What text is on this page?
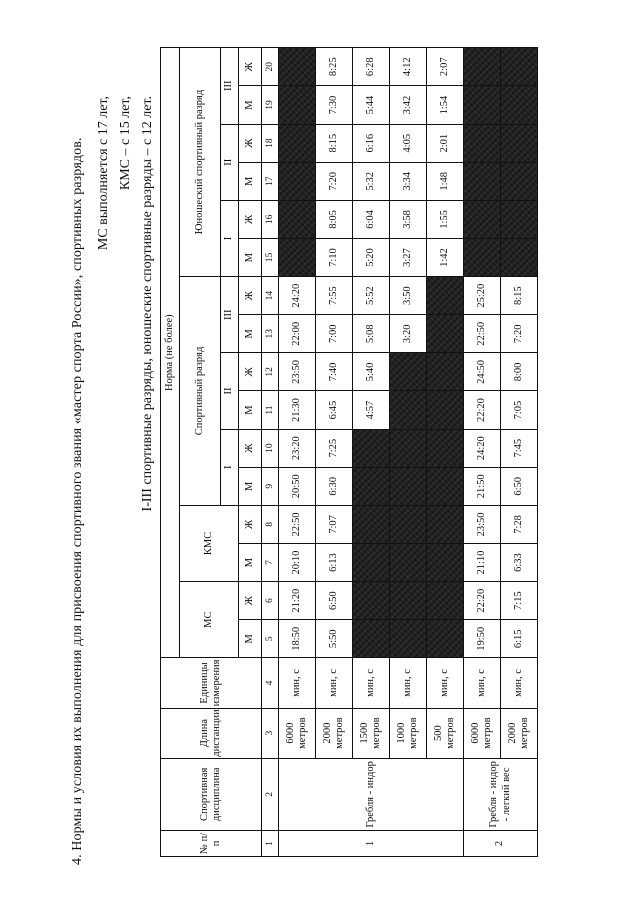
4. Нормы и условия их выполнения для присвоения спортивного звания «мастер спорта России», спортивных разрядов. МС выполняется с 17 лет, КМС – с 15 лет, I-III спортивные разряды, юношеские спортивные разряды – с 12 лет.
№ п/п	Спортивная дисциплина	Длина дистанции	Единицы измерения	Норма (не более)															
				МС		КМС		Спортивный разряд						Юношеский спортивный разряд					
								I		II		III		I		II		III	
				М	Ж	М	Ж	М	Ж	М	Ж	М	Ж	М	Ж	М	Ж	М	Ж
1	2	3	4	5	6	7	8	9	10	11	12	13	14	15	16	17	18	19	20
1	Гребля - индор	6000 метров	мин, с	18:50	21:20	20:10	22:50	20:50	23:20	21:30	23:50	22:00	24:20						
		2000 метров	мин, с	5:50	6:50	6:13	7:07	6:30	7:25	6:45	7:40	7:00	7:55	7:10	8:05	7:20	8:15	7:30	8:25
		1500 метров	мин, с							4:57	5:40	5:08	5:52	5:20	6:04	5:32	6:16	5:44	6:28
		1000 метров	мин, с									3:20	3:50	3:27	3:58	3:34	4:05	3:42	4:12
		500 метров	мин, с											1:42	1:55	1:48	2:01	1:54	2:07
2	Гребля - индор - легкий вес	6000 метров	мин, с	19:50	22:20	21:10	23:50	21:50	24:20	22:20	24:50	22:50	25:20						
		2000 метров	мин, с	6:15	7:15	6:33	7:28	6:50	7:45	7:05	8:00	7:20	8:15						
